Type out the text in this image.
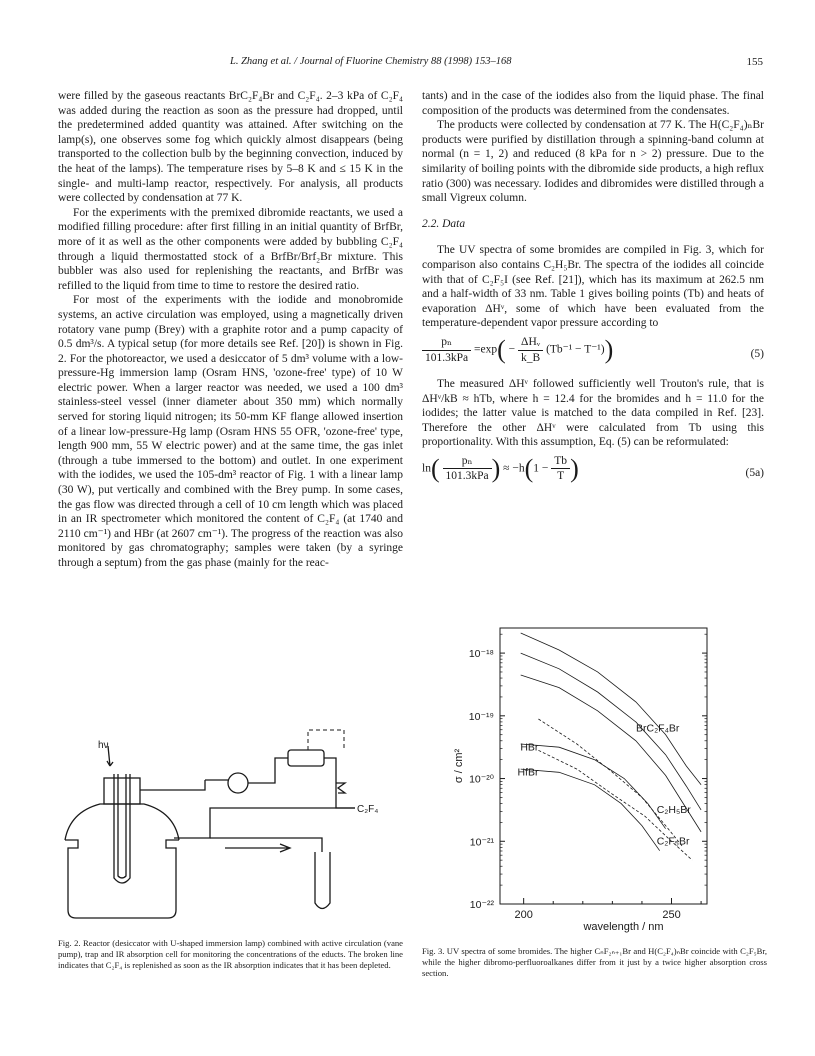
L. Zhang et al. / Journal of Fluorine Chemistry 88 (1998) 153–168	155

were filled by the gaseous reactants BrC₂F₄Br and C₂F₄. 2–3 kPa of C₂F₄ was added during the reaction as soon as the pressure had dropped, until the predetermined added quantity was attained. After switching on the lamp(s), one observes some fog which quickly almost disappears (being transported to the collection bulb by the beginning convection, induced by the heat of the lamps). The temperature rises by 5–8 K and ≤ 15 K in the single- and multi-lamp reactor, respectively. For analysis, all products were collected by condensation at 77 K.

For the experiments with the premixed dibromide reactants, we used a modified filling procedure: after first filling in an initial quantity of BrfBr, more of it as well as the other components were added by bubbling C₂F₄ through a liquid thermostatted stock of a BrfBr/Brf₂Br mixture. This bubbler was also used for replenishing the reactants, and BrfBr was refilled to the liquid from time to time to restore the desired ratio.

For most of the experiments with the iodide and monobromide systems, an active circulation was employed, using a magnetically driven rotatory vane pump (Brey) with a graphite rotor and a pump capacity of 0.5 dm³/s. A typical setup (for more details see Ref. [20]) is shown in Fig. 2. For the photoreactor, we used a desiccator of 5 dm³ volume with a low-pressure-Hg immersion lamp (Osram HNS, 'ozone-free' type) of 10 W electric power. When a larger reactor was needed, we used a 100 dm³ stainless-steel vessel (inner diameter about 350 mm) which normally served for storing liquid nitrogen; its 50-mm KF flange allowed insertion of a linear low-pressure-Hg lamp (Osram HNS 55 OFR, 'ozone-free' type, length 900 mm, 55 W electric power) and at the same time, the gas inlet (through a tube immersed to the bottom) and outlet. In one experiment with the iodides, we used the 105-dm³ reactor of Fig. 1 with a linear lamp (30 W), put vertically and combined with the Brey pump. In some cases, the gas flow was directed through a cell of 10 cm length which was placed in an IR spectrometer which monitored the content of C₂F₄ (at 1740 and 2110 cm⁻¹) and HBr (at 2607 cm⁻¹). The progress of the reaction was also monitored by gas chromatography; samples were taken (by a syringe through a septum) from the gas phase (mainly for the reac-

tants) and in the case of the iodides also from the liquid phase. The final composition of the products was determined from the condensates.

The products were collected by condensation at 77 K. The H(C₂F₄)ₙBr products were purified by distillation through a spinning-band column at normal (n = 1, 2) and reduced (8 kPa for n > 2) pressure. Due to the similarity of boiling points with the dibromide side products, a high reflux ratio (300) was necessary. Iodides and dibromides were distilled through a small Vigreux column.

2.2. Data

The UV spectra of some bromides are compiled in Fig. 3, which for comparison also contains C₂H₅Br. The spectra of the iodides all coincide with that of C₂F₅I (see Ref. [21]), which has its maximum at 262.5 nm and a half-width of 33 nm. Table 1 gives boiling points (Tb) and heats of evaporation ΔHᵛ, some of which have been evaluated from the temperature-dependent vapor pressure according to

$\frac{\text{pₙ}}{\text{101.3kPa}} =\exp( - \frac{\text{ΔHᵥ}}{k\_B} (Tb^{-1} - T^{-1}))$	(5)

The measured ΔHᵛ followed sufficiently well Trouton's rule, that is ΔHᵛ/kB ≈ hTb, where h = 12.4 for the bromides and h = 11.0 for the iodides; the latter value is matched to the data compiled in Ref. [23]. Therefore the other ΔHᵛ were calculated from Tb using this proportionality. With this assumption, Eq. (5) can be reformulated:

$\ln( \frac{\text{pₙ}}{\text{101.3kPa}}$ ) ≈ $-h(1 - \frac{Tb}{T}$ )	(5a)
hν
C₂F₄
Fig. 2. Reactor (desiccator with U-shaped immersion lamp) combined with active circulation (vane pump), trap and IR absorption cell for monitoring the concentrations of the educts. The broken line indicates that C₂F₄ is replenished as soon as the IR absorption indicates that it has been depleted.
10⁻¹⁸
10⁻¹⁹
10⁻²⁰
10⁻²¹
10⁻²²
200	250
wavelength / nm
σ / cm²
BrC₂F₄Br
HBr
HfBr
C₂H₅Br
C₂F₅Br
Fig. 3. UV spectra of some bromides. The higher CₙF₂ₙ₊₁Br and H(C₂F₄)ₙBr coincide with C₂F₅Br, while the higher dibromo-perfluoroalkanes differ from it just by a twice higher absorption cross section.
